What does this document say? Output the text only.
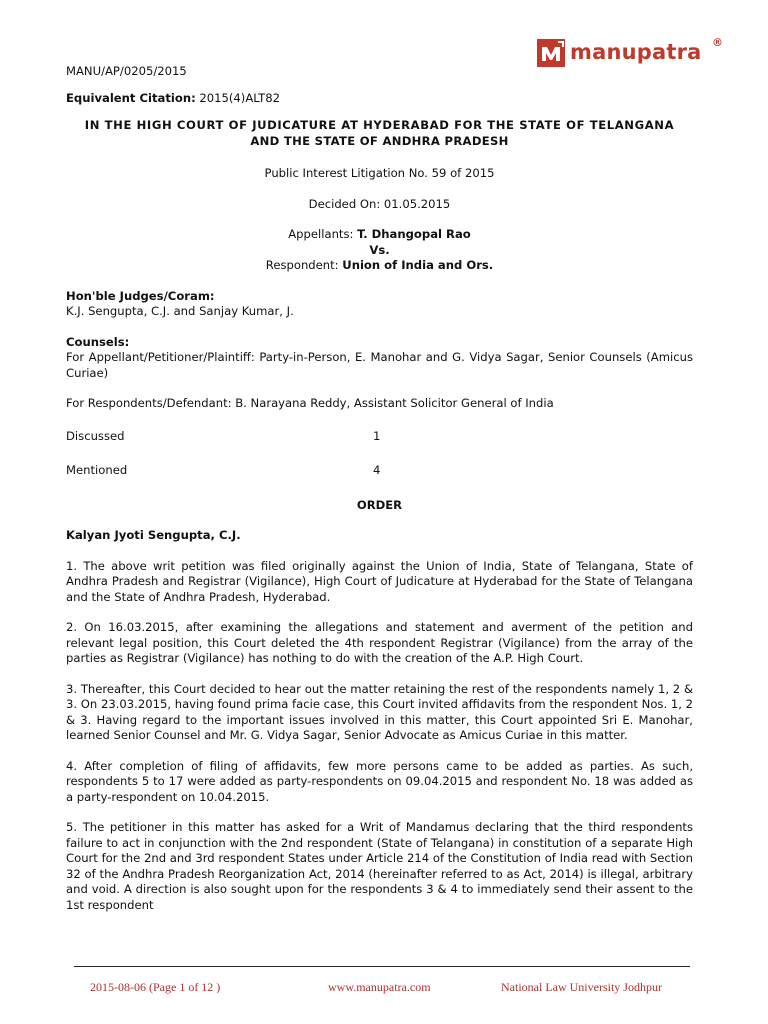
manupatra ®

MANU/AP/0205/2015

Equivalent Citation: 2015(4)ALT82

IN THE HIGH COURT OF JUDICATURE AT HYDERABAD FOR THE STATE OF TELANGANA

AND THE STATE OF ANDHRA PRADESH

Public Interest Litigation No. 59 of 2015

Decided On: 01.05.2015

Appellants: T. Dhangopal Rao

Vs.

Respondent: Union of India and Ors.

Hon'ble Judges/Coram:

K.J. Sengupta, C.J. and Sanjay Kumar, J.

Counsels:

For Appellant/Petitioner/Plaintiff: Party-in-Person, E. Manohar and G. Vidya Sagar, Senior Counsels (Amicus Curiae)

For Respondents/Defendant: B. Narayana Reddy, Assistant Solicitor General of India

Discussed	1
Mentioned	4

ORDER

Kalyan Jyoti Sengupta, C.J.

1. The above writ petition was filed originally against the Union of India, State of Telangana, State of Andhra Pradesh and Registrar (Vigilance), High Court of Judicature at Hyderabad for the State of Telangana and the State of Andhra Pradesh, Hyderabad.

2. On 16.03.2015, after examining the allegations and statement and averment of the petition and relevant legal position, this Court deleted the 4th respondent Registrar (Vigilance) from the array of the parties as Registrar (Vigilance) has nothing to do with the creation of the A.P. High Court.

3. Thereafter, this Court decided to hear out the matter retaining the rest of the respondents namely 1, 2 & 3. On 23.03.2015, having found prima facie case, this Court invited affidavits from the respondent Nos. 1, 2 & 3. Having regard to the important issues involved in this matter, this Court appointed Sri E. Manohar, learned Senior Counsel and Mr. G. Vidya Sagar, Senior Advocate as Amicus Curiae in this matter.

4. After completion of filing of affidavits, few more persons came to be added as parties. As such, respondents 5 to 17 were added as party-respondents on 09.04.2015 and respondent No. 18 was added as a party-respondent on 10.04.2015.

5. The petitioner in this matter has asked for a Writ of Mandamus declaring that the third respondents failure to act in conjunction with the 2nd respondent (State of Telangana) in constitution of a separate High Court for the 2nd and 3rd respondent States under Article 214 of the Constitution of India read with Section 32 of the Andhra Pradesh Reorganization Act, 2014 (hereinafter referred to as Act, 2014) is illegal, arbitrary and void. A direction is also sought upon for the respondents 3 & 4 to immediately send their assent to the 1st respondent

2015-08-06 (Page 1 of 12 )	www.manupatra.com	National Law University Jodhpur
